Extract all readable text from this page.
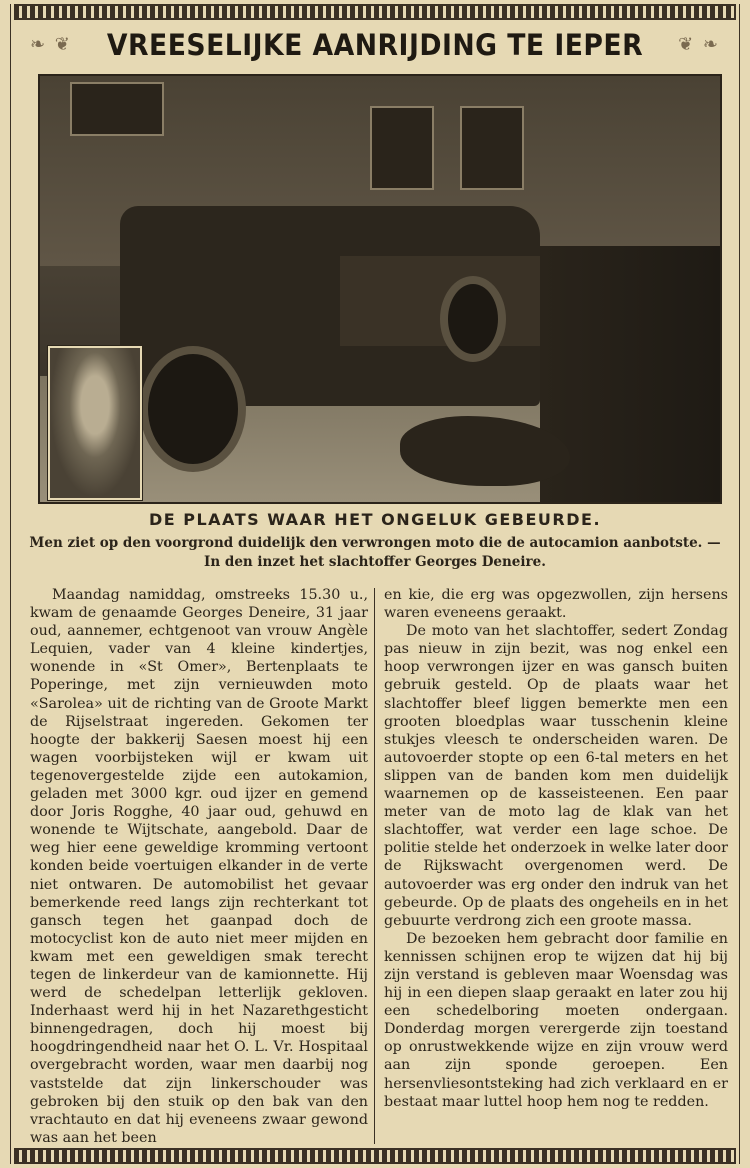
❧ ❦	❦ ❧
VREESELIJKE AANRIJDING TE IEPER
DE PLAATS WAAR HET ONGELUK GEBEURDE.
Men ziet op den voorgrond duidelijk den verwrongen moto die de autocamion aanbotste. — In den inzet het slachtoffer Georges Deneire.

Maandag namiddag, omstreeks 15.30 u., kwam de genaamde Georges Deneire, 31 jaar oud, aannemer, echtgenoot van vrouw Angèle Lequien, vader van 4 kleine kindertjes, wonende in «St Omer», Bertenplaats te Poperinge, met zijn vernieuwden moto «Sarolea» uit de richting van de Groote Markt de Rijselstraat ingereden. Gekomen ter hoogte der bakkerij Saesen moest hij een wagen voorbijsteken wijl er kwam uit tegenovergestelde zijde een autokamion, geladen met 3000 kgr. oud ijzer en gemend door Joris Rogghe, 40 jaar oud, gehuwd en wonende te Wijtschate, aangebold. Daar de weg hier eene geweldige kromming vertoont konden beide voertuigen elkander in de verte niet ontwaren. De automobilist het gevaar bemerkende reed langs zijn rechterkant tot gansch tegen het gaanpad doch de motocyclist kon de auto niet meer mijden en kwam met een geweldigen smak terecht tegen de linkerdeur van de kamionnette. Hij werd de schedelpan letterlijk gekloven. Inderhaast werd hij in het Nazarethgesticht binnengedragen, doch hij moest bij hoogdringendheid naar het O. L. Vr. Hospitaal overgebracht worden, waar men daarbij nog vaststelde dat zijn linkerschouder was gebroken bij den stuik op den bak van den vrachtauto en dat hij eveneens zwaar gewond was aan het been

en kie, die erg was opgezwollen, zijn hersens waren eveneens geraakt.

De moto van het slachtoffer, sedert Zondag pas nieuw in zijn bezit, was nog enkel een hoop verwrongen ijzer en was gansch buiten gebruik gesteld. Op de plaats waar het slachtoffer bleef liggen bemerkte men een grooten bloedplas waar tusschenin kleine stukjes vleesch te onderscheiden waren. De autovoerder stopte op een 6-tal meters en het slippen van de banden kom men duidelijk waarnemen op de kasseisteenen. Een paar meter van de moto lag de klak van het slachtoffer, wat verder een lage schoe. De politie stelde het onderzoek in welke later door de Rijkswacht overgenomen werd. De autovoerder was erg onder den indruk van het gebeurde. Op de plaats des ongeheils en in het gebuurte verdrong zich een groote massa.

De bezoeken hem gebracht door familie en kennissen schijnen erop te wijzen dat hij bij zijn verstand is gebleven maar Woensdag was hij in een diepen slaap geraakt en later zou hij een schedelboring moeten ondergaan. Donderdag morgen verergerde zijn toestand op onrustwekkende wijze en zijn vrouw werd aan zijn sponde geroepen. Een hersenvliesontsteking had zich verklaard en er bestaat maar luttel hoop hem nog te redden.
